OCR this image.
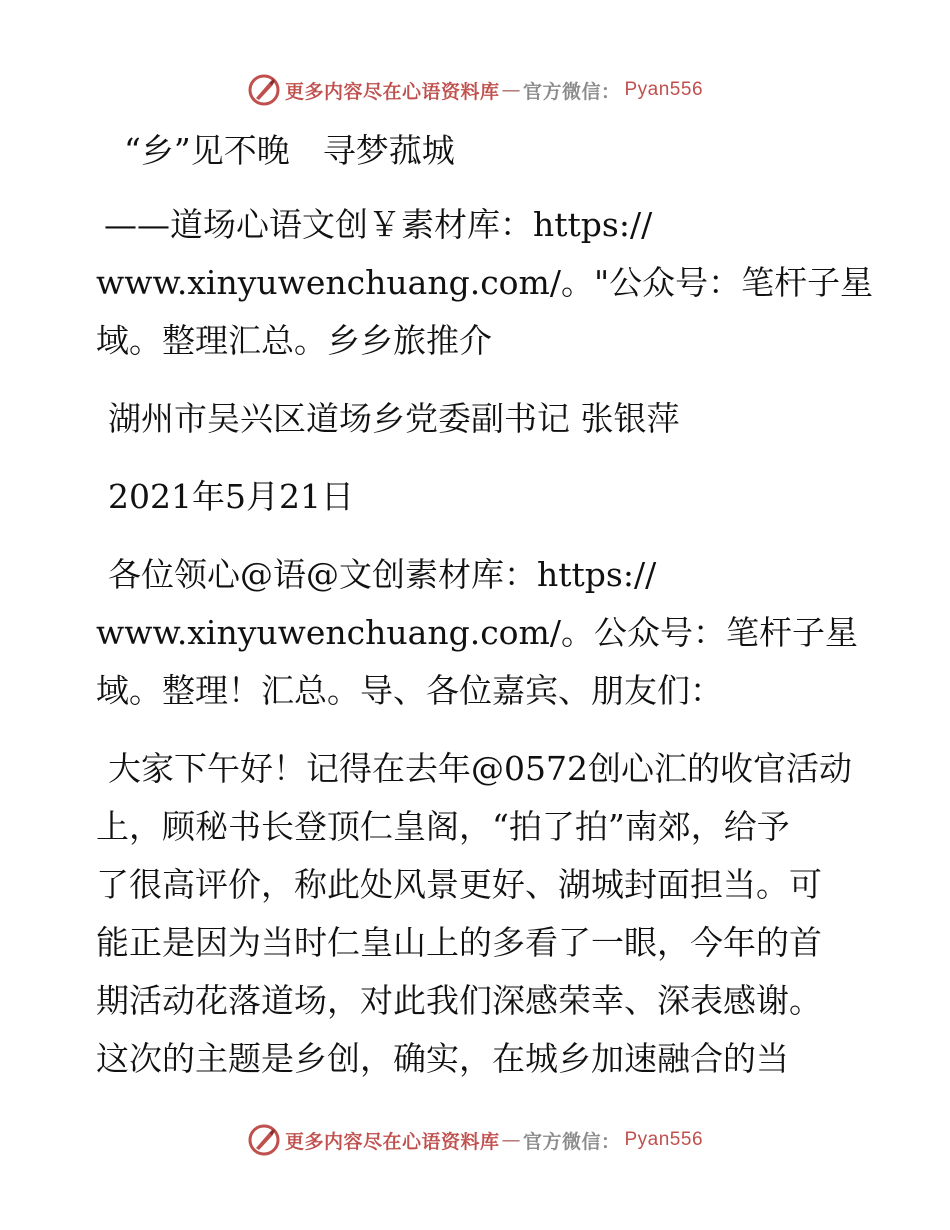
更多内容尽在心语资料库 — 官方微信： Pyan556
“乡”见不晚　寻梦菰城
——道场心语文创￥素材库：https://
www.xinyuwenchuang.com/。"公众号：笔杆子星
域。整理汇总。乡乡旅推介
湖州市吴兴区道场乡党委副书记 张银萍
2021年5月21日
各位领心@语@文创素材库：https://
www.xinyuwenchuang.com/。公众号：笔杆子星
域。整理！汇总。导、各位嘉宾、朋友们：
大家下午好！记得在去年@0572创心汇的收官活动
上，顾秘书长登顶仁皇阁，“拍了拍”南郊，给予
了很高评价，称此处风景更好、湖城封面担当。可
能正是因为当时仁皇山上的多看了一眼，今年的首
期活动花落道场，对此我们深感荣幸、深表感谢。
这次的主题是乡创，确实，在城乡加速融合的当
更多内容尽在心语资料库 — 官方微信： Pyan556
